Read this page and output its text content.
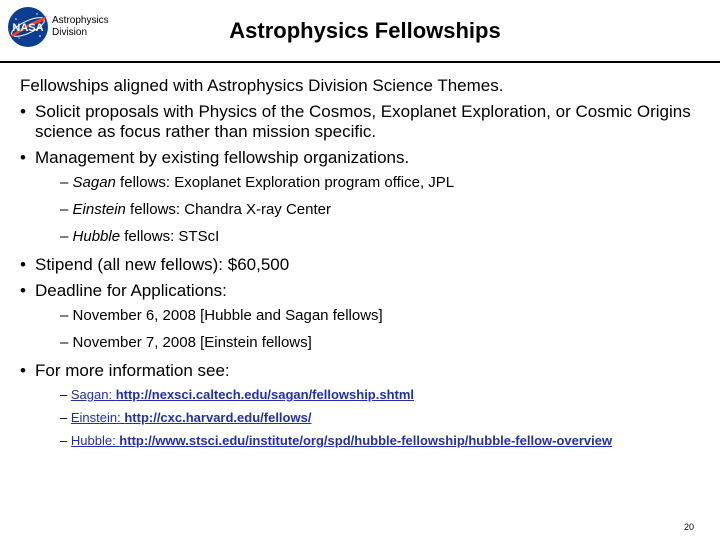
NASA
Astrophysics
Division	Astrophysics Fellowships
Fellowships aligned with Astrophysics Division Science Themes.
• Solicit proposals with Physics of the Cosmos, Exoplanet Exploration, or Cosmic Origins science as focus rather than mission specific.
• Management by existing fellowship organizations.
– Sagan fellows: Exoplanet Exploration program office, JPL
– Einstein fellows: Chandra X-ray Center
– Hubble fellows: STScI
• Stipend (all new fellows): $60,500
• Deadline for Applications:
– November 6, 2008 [Hubble and Sagan fellows]
– November 7, 2008 [Einstein fellows]
• For more information see:
– Sagan: http://nexsci.caltech.edu/sagan/fellowship.shtml
– Einstein: http://cxc.harvard.edu/fellows/
– Hubble: http://www.stsci.edu/institute/org/spd/hubble-fellowship/hubble-fellow-overview
20
